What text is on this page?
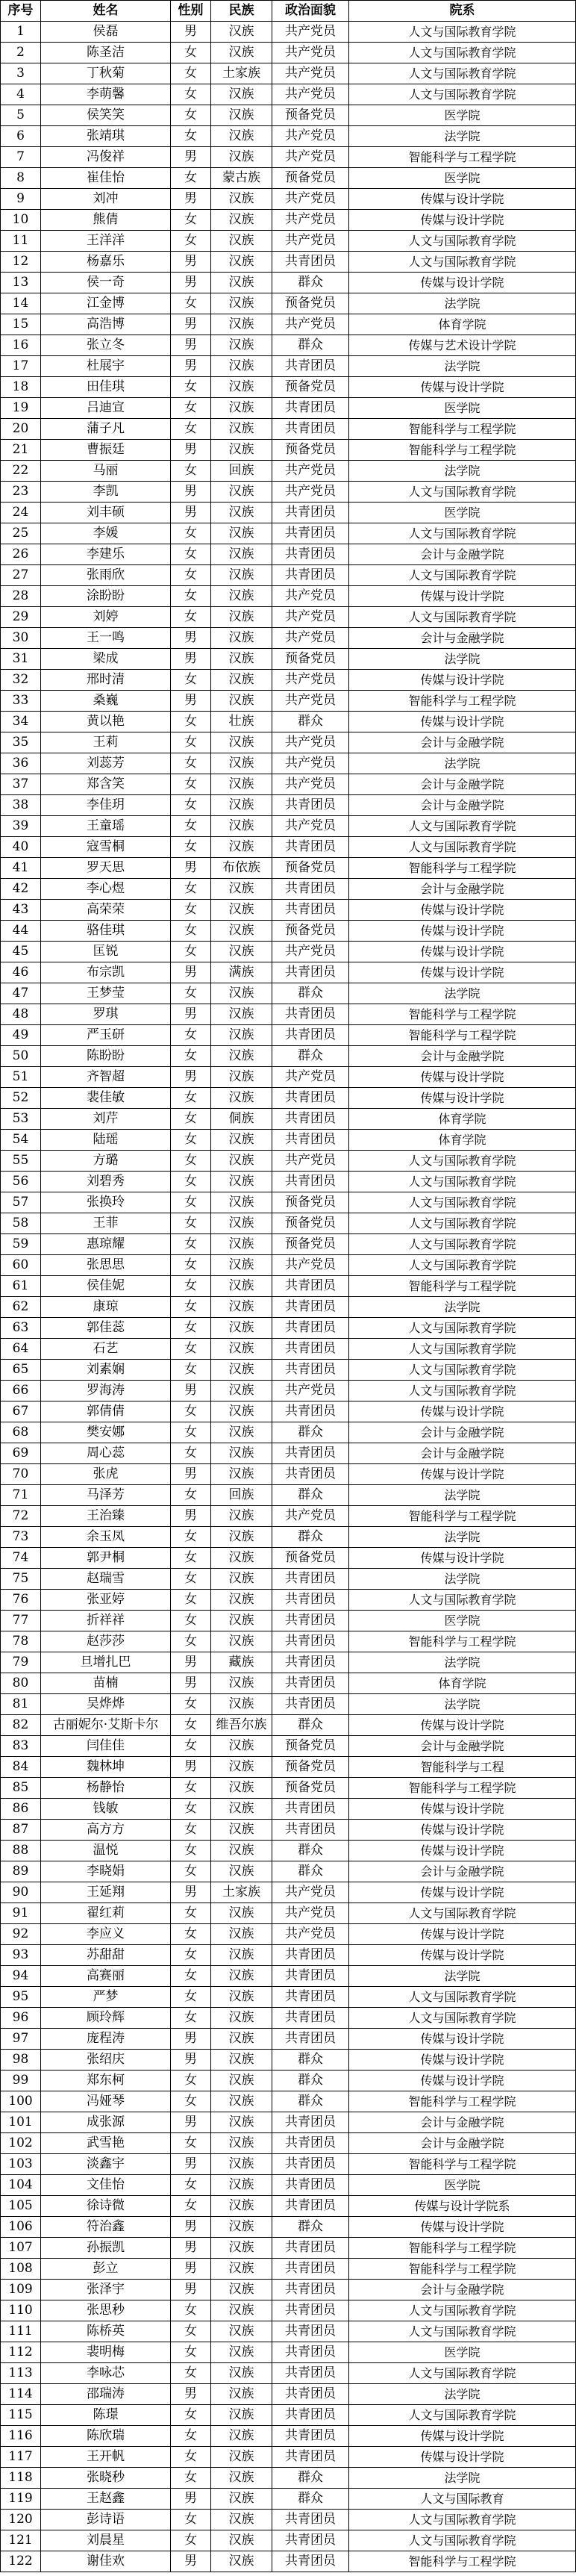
序号	姓名	性别	民族	政治面貌	院系
1	侯磊	男	汉族	共产党员	人文与国际教育学院
2	陈圣洁	女	汉族	共产党员	人文与国际教育学院
3	丁秋菊	女	土家族	共产党员	人文与国际教育学院
4	李萌馨	女	汉族	共产党员	人文与国际教育学院
5	侯笑笑	女	汉族	预备党员	医学院
6	张靖琪	女	汉族	共产党员	法学院
7	冯俊祥	男	汉族	共产党员	智能科学与工程学院
8	崔佳怡	女	蒙古族	预备党员	医学院
9	刘冲	男	汉族	共产党员	传媒与设计学院
10	熊倩	女	汉族	共产党员	传媒与设计学院
11	王洋洋	女	汉族	共产党员	人文与国际教育学院
12	杨嘉乐	男	汉族	共青团员	人文与国际教育学院
13	侯一奇	男	汉族	群众	传媒与设计学院
14	江金博	女	汉族	预备党员	法学院
15	高浩博	男	汉族	共产党员	体育学院
16	张立冬	男	汉族	群众	传媒与艺术设计学院
17	杜展宇	男	汉族	共青团员	法学院
18	田佳琪	女	汉族	预备党员	传媒与设计学院
19	吕迪宣	女	汉族	共青团员	医学院
20	蒲子凡	女	汉族	共青团员	智能科学与工程学院
21	曹振廷	男	汉族	预备党员	智能科学与工程学院
22	马丽	女	回族	共产党员	法学院
23	李凯	男	汉族	共产党员	人文与国际教育学院
24	刘丰硕	男	汉族	共青团员	医学院
25	李媛	女	汉族	共青团员	人文与国际教育学院
26	李建乐	女	汉族	共青团员	会计与金融学院
27	张雨欣	女	汉族	共青团员	人文与国际教育学院
28	涂盼盼	女	汉族	共产党员	传媒与设计学院
29	刘婷	女	汉族	共产党员	人文与国际教育学院
30	王一鸣	男	汉族	共产党员	会计与金融学院
31	梁成	男	汉族	预备党员	法学院
32	邢时清	女	汉族	共产党员	传媒与设计学院
33	桑巍	男	汉族	共产党员	智能科学与工程学院
34	黄以艳	女	壮族	群众	传媒与设计学院
35	王莉	女	汉族	共产党员	会计与金融学院
36	刘蕊芳	女	汉族	共产党员	法学院
37	郑含笑	女	汉族	共产党员	会计与金融学院
38	李佳玥	女	汉族	共青团员	会计与金融学院
39	王童瑶	女	汉族	共产党员	人文与国际教育学院
40	寇雪桐	女	汉族	共青团员	人文与国际教育学院
41	罗天思	男	布依族	预备党员	智能科学与工程学院
42	李心煜	女	汉族	共青团员	会计与金融学院
43	高荣荣	女	汉族	共青团员	传媒与设计学院
44	骆佳琪	女	汉族	预备党员	传媒与设计学院
45	匡锐	女	汉族	共产党员	传媒与设计学院
46	布宗凯	男	满族	共青团员	传媒与设计学院
47	王梦莹	女	汉族	群众	法学院
48	罗琪	男	汉族	共青团员	智能科学与工程学院
49	严玉研	女	汉族	共青团员	智能科学与工程学院
50	陈盼盼	女	汉族	群众	会计与金融学院
51	齐智超	男	汉族	共产党员	传媒与设计学院
52	裴佳敏	女	汉族	共青团员	传媒与设计学院
53	刘芹	女	侗族	共青团员	体育学院
54	陆瑶	女	汉族	共青团员	体育学院
55	方璐	女	汉族	共产党员	人文与国际教育学院
56	刘碧秀	女	汉族	共青团员	人文与国际教育学院
57	张换玲	女	汉族	预备党员	人文与国际教育学院
58	王菲	女	汉族	预备党员	人文与国际教育学院
59	惠琼耀	女	汉族	预备党员	人文与国际教育学院
60	张思思	女	汉族	共产党员	人文与国际教育学院
61	侯佳妮	女	汉族	共青团员	智能科学与工程学院
62	康琼	女	汉族	共青团员	法学院
63	郭佳蕊	女	汉族	共青团员	人文与国际教育学院
64	石艺	女	汉族	共青团员	人文与国际教育学院
65	刘素娴	女	汉族	共青团员	人文与国际教育学院
66	罗海涛	男	汉族	共产党员	人文与国际教育学院
67	郭倩倩	女	汉族	共青团员	传媒与设计学院
68	樊安娜	女	汉族	群众	会计与金融学院
69	周心蕊	女	汉族	共青团员	会计与金融学院
70	张虎	男	汉族	共青团员	传媒与设计学院
71	马泽芳	女	回族	群众	法学院
72	王治臻	男	汉族	共产党员	智能科学与工程学院
73	余玉凤	女	汉族	群众	法学院
74	郭尹桐	女	汉族	预备党员	传媒与设计学院
75	赵瑞雪	女	汉族	共青团员	法学院
76	张亚婷	女	汉族	共青团员	人文与国际教育学院
77	折祥祥	女	汉族	共青团员	医学院
78	赵莎莎	女	汉族	共青团员	智能科学与工程学院
79	旦增扎巴	男	藏族	共青团员	法学院
80	苗楠	男	汉族	共青团员	体育学院
81	吴烨烨	女	汉族	共青团员	法学院
82	古丽妮尔·艾斯卡尔	女	维吾尔族	群众	传媒与设计学院
83	闫佳佳	女	汉族	预备党员	会计与金融学院
84	魏林坤	男	汉族	预备党员	智能科学与工程
85	杨静怡	女	汉族	预备党员	智能科学与工程学院
86	钱敏	女	汉族	共青团员	传媒与设计学院
87	高方方	女	汉族	共青团员	传媒与设计学院
88	温悦	女	汉族	群众	传媒与设计学院
89	李晓娟	女	汉族	群众	会计与金融学院
90	王延翔	男	土家族	共产党员	传媒与设计学院
91	翟红莉	女	汉族	共产党员	人文与国际教育学院
92	李应义	女	汉族	共产党员	传媒与设计学院
93	苏甜甜	女	汉族	共青团员	传媒与设计学院
94	高赛丽	女	汉族	共青团员	法学院
95	严梦	女	汉族	共青团员	人文与国际教育学院
96	顾玲辉	女	汉族	共青团员	人文与国际教育学院
97	庞程涛	男	汉族	共青团员	传媒与设计学院
98	张绍庆	男	汉族	群众	传媒与设计学院
99	郑东柯	女	汉族	群众	传媒与设计学院
100	冯娅琴	女	汉族	群众	智能科学与工程学院
101	成张源	男	汉族	共青团员	会计与金融学院
102	武雪艳	女	汉族	共青团员	会计与金融学院
103	淡鑫宇	男	汉族	共青团员	智能科学与工程学院
104	文佳怡	女	汉族	共青团员	医学院
105	徐诗微	女	汉族	共青团员	传媒与设计学院系
106	符治鑫	男	汉族	群众	传媒与设计学院
107	孙振凯	男	汉族	共青团员	智能科学与工程学院
108	彭立	男	汉族	共青团员	智能科学与工程学院
109	张泽宇	男	汉族	共青团员	会计与金融学院
110	张思秒	女	汉族	共青团员	人文与国际教育学院
111	陈桥英	女	汉族	共青团员	人文与国际教育学院
112	裴明梅	女	汉族	共青团员	医学院
113	李咏芯	女	汉族	共青团员	人文与国际教育学院
114	邵瑞涛	男	汉族	共青团员	法学院
115	陈璟	女	汉族	共青团员	人文与国际教育学院
116	陈欣瑞	女	汉族	共青团员	传媒与设计学院
117	王开帆	女	汉族	共青团员	传媒与设计学院
118	张晓秒	女	汉族	群众	法学院
119	王赵鑫	男	汉族	群众	人文与国际教育
120	彭诗语	女	汉族	共青团员	人文与国际教育学院
121	刘晨星	女	汉族	共青团员	人文与国际教育学院
122	谢佳欢	男	汉族	共青团员	智能科学与工程学院
